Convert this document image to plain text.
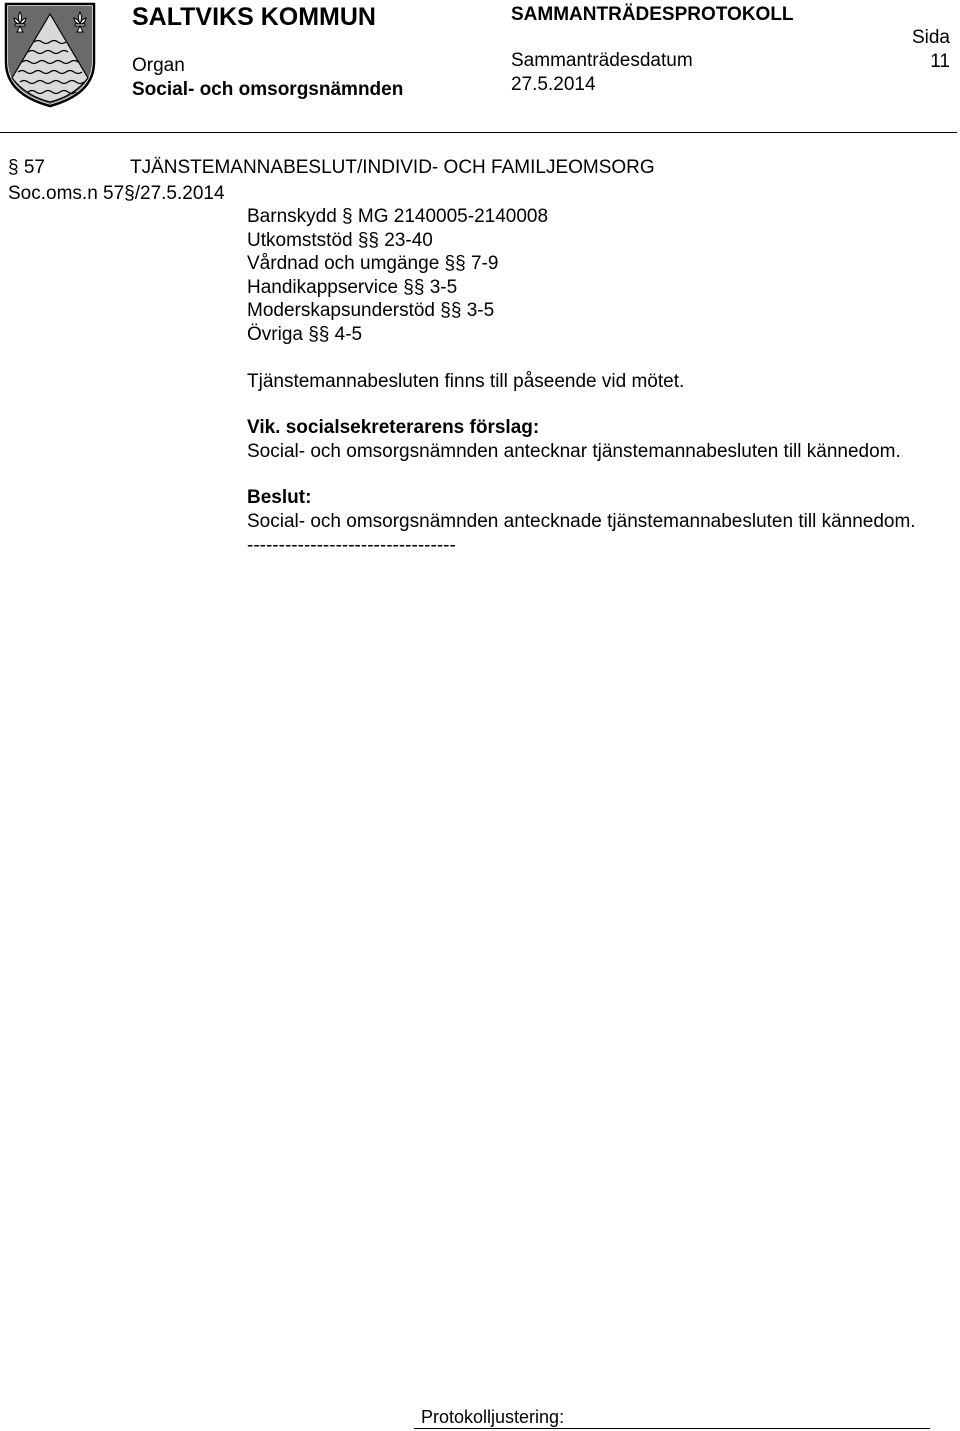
SALTVIKS KOMMUN
Organ
Social- och omsorgsnämnden
SAMMANTRÄDESPROTOKOLL
Sammanträdesdatum
27.5.2014
Sida
11
§ 57	TJÄNSTEMANNABESLUT/INDIVID- OCH FAMILJEOMSORG
Soc.oms.n 57§/27.5.2014

Barnskydd § MG 2140005-2140008

Utkomststöd §§ 23-40

Vårdnad och umgänge §§ 7-9

Handikappservice §§ 3-5

Moderskapsunderstöd §§ 3-5

Övriga §§ 4-5

Tjänstemannabesluten finns till påseende vid mötet.

Vik. socialsekreterarens förslag:

Social- och omsorgsnämnden antecknar tjänstemannabesluten till kännedom.

Beslut:

Social- och omsorgsnämnden antecknade tjänstemannabesluten till kännedom.

---------------------------------

Protokolljustering:
